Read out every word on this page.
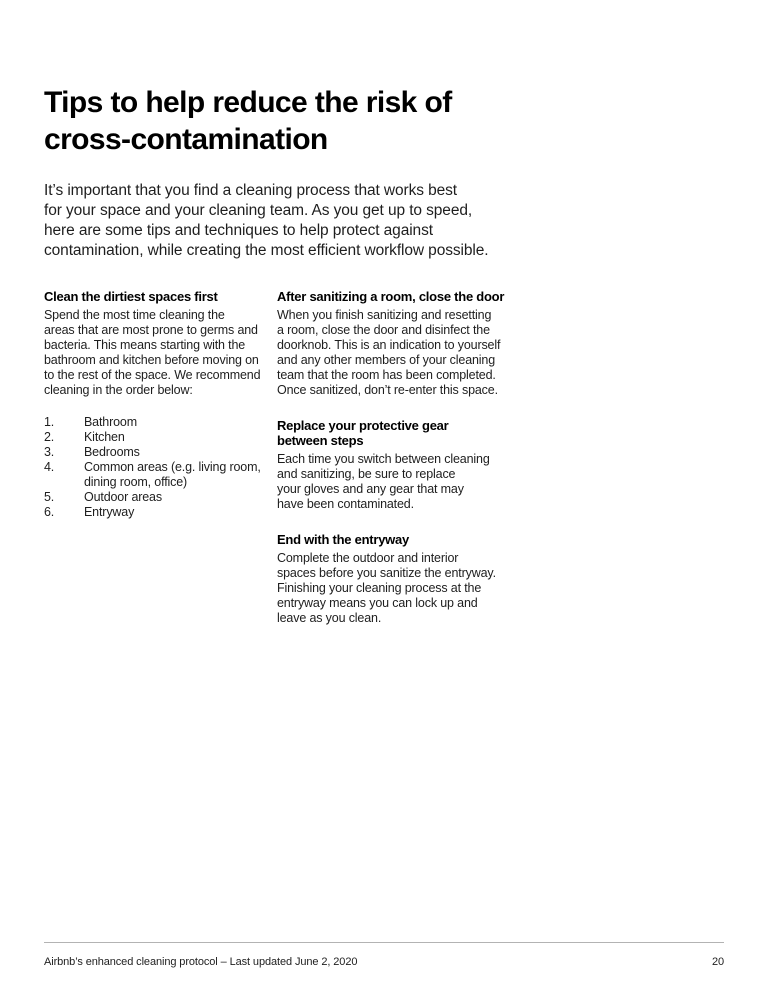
Tips to help reduce the risk of
cross-contamination

It’s important that you find a cleaning process that works best
for your space and your cleaning team. As you get up to speed,
here are some tips and techniques to help protect against
contamination, while creating the most efficient workflow possible.

Clean the dirtiest spaces first

Spend the most time cleaning the
areas that are most prone to germs and
bacteria. This means starting with the
bathroom and kitchen before moving on
to the rest of the space. We recommend
cleaning in the order below:

1.	Bathroom
2.	Kitchen
3.	Bedrooms
4.	Common areas (e.g. living room,
dining room, office)
5.	Outdoor areas
6.	Entryway
After sanitizing a room, close the door

When you finish sanitizing and resetting
a room, close the door and disinfect the
doorknob. This is an indication to yourself
and any other members of your cleaning
team that the room has been completed.
Once sanitized, don’t re-enter this space.

Replace your protective gear
between steps

Each time you switch between cleaning
and sanitizing, be sure to replace
your gloves and any gear that may
have been contaminated.

End with the entryway

Complete the outdoor and interior
spaces before you sanitize the entryway.
Finishing your cleaning process at the
entryway means you can lock up and
leave as you clean.

Airbnb’s enhanced cleaning protocol – Last updated June 2, 2020	20
